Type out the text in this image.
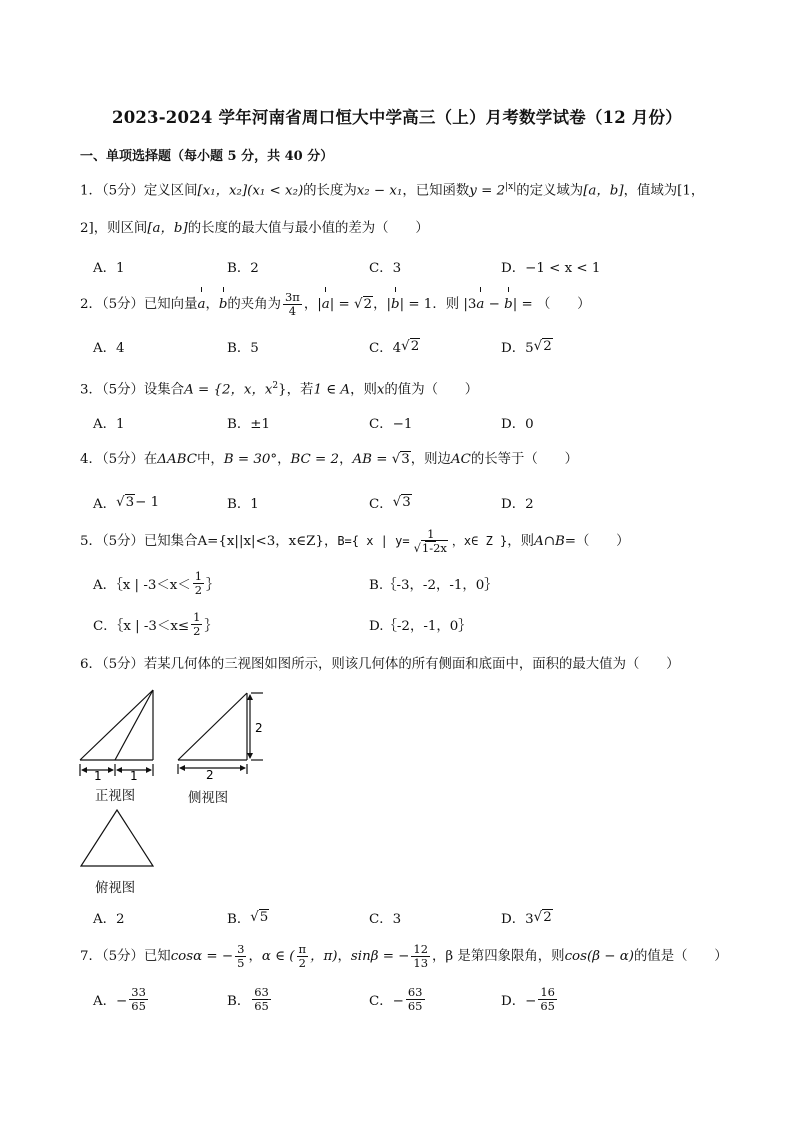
2023-2024 学年河南省周口恒大中学高三（上）月考数学试卷（12 月份）
一、单项选择题（每小题 5 分，共 40 分）
1．（5分）定义区间[x₁，x₂](x₁ < x₂)的长度为x₂ − x₁，已知函数$y = 2^{|x|}$的定义域为[a，b]，值域为[1，
2]，则区间[a，b]的长度的最大值与最小值的差为（　　）
A．1	B．2	C．3	D．−1 < x < 1
2．（5分）已知向量a，b的夹角为 $\frac{3\pi}{4}$ ，|a| = √2，|b| = 1．则 |3a − b| = （　　）
A．4	B．5	C．4 √2	D．5 √2
3．（5分）设集合A = {2，x，$x^2$}，若1 ∈ A，则x的值为（　　）
A．1	B．±1	C．−1	D．0
4．（5分）在ΔABC中，B = 30°，BC = 2，AB = √3，则边AC的长等于（　　）
A． √3 − 1	B．1	C． √3	D．2
5．（5分）已知集合A={x||x|<3，x∈Z}，B={ x | $y= \frac{1}{√1-2x}$ ，x∈ Z }，则A∩B=（　　）
A．｛x | $-3<x< \frac{1}{2}$ ｝	B.｛-3，-2，-1，0｝
C．｛x | $-3<x\le \frac{1}{2}$ ｝	D.｛-2，-1，0｝
6．（5分）若某几何体的三视图如图所示，则该几何体的所有侧面和底面中，面积的最大值为（　　）
1 1	2
2
正视图	侧视图
俯视图
A．2	B． √5	C．3	D．3 √2
7．（5分）已知cosα = − $\frac{3}{5}$ ，α ∈ ( $\frac{\pi}{2}$ ，π)，sinβ = − $\frac{12}{13}$ ，β 是第四象限角，则cos(β − α)的值是（　　）
A．− $\frac{33}{65}$	B． $\frac{63}{65}$	C．− $\frac{63}{65}$	D．− $\frac{16}{65}$
